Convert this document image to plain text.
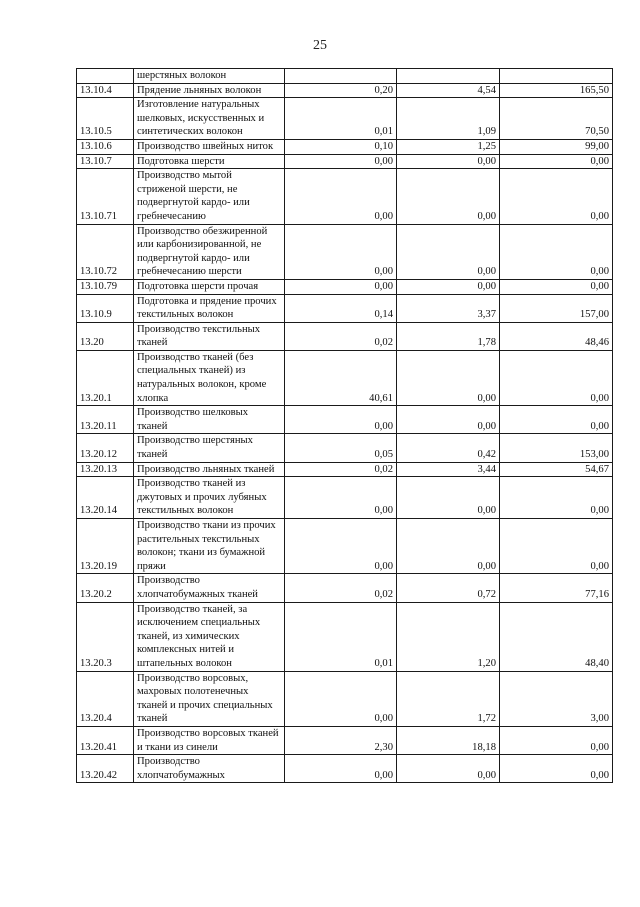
25
	шерстяных волокон			
13.10.4	Прядение льняных волокон	0,20	4,54	165,50
13.10.5	Изготовление натуральных шелковых, искусственных и синтетических волокон	0,01	1,09	70,50
13.10.6	Производство швейных ниток	0,10	1,25	99,00
13.10.7	Подготовка шерсти	0,00	0,00	0,00
13.10.71	Производство мытой стриженой шерсти, не подвергнутой кардо- или гребнечесанию	0,00	0,00	0,00
13.10.72	Производство обезжиренной или карбонизированной, не подвергнутой кардо- или гребнечесанию шерсти	0,00	0,00	0,00
13.10.79	Подготовка шерсти прочая	0,00	0,00	0,00
13.10.9	Подготовка и прядение прочих текстильных волокон	0,14	3,37	157,00
13.20	Производство текстильных тканей	0,02	1,78	48,46
13.20.1	Производство тканей (без специальных тканей) из натуральных волокон, кроме хлопка	40,61	0,00	0,00
13.20.11	Производство шелковых тканей	0,00	0,00	0,00
13.20.12	Производство шерстяных тканей	0,05	0,42	153,00
13.20.13	Производство льняных тканей	0,02	3,44	54,67
13.20.14	Производство тканей из джутовых и прочих лубяных текстильных волокон	0,00	0,00	0,00
13.20.19	Производство ткани из прочих растительных текстильных волокон; ткани из бумажной пряжи	0,00	0,00	0,00
13.20.2	Производство хлопчатобумажных тканей	0,02	0,72	77,16
13.20.3	Производство тканей, за исключением специальных тканей, из химических комплексных нитей и штапельных волокон	0,01	1,20	48,40
13.20.4	Производство ворсовых, махровых полотенечных тканей и прочих специальных тканей	0,00	1,72	3,00
13.20.41	Производство ворсовых тканей и ткани из синели	2,30	18,18	0,00
13.20.42	Производство хлопчатобумажных	0,00	0,00	0,00
